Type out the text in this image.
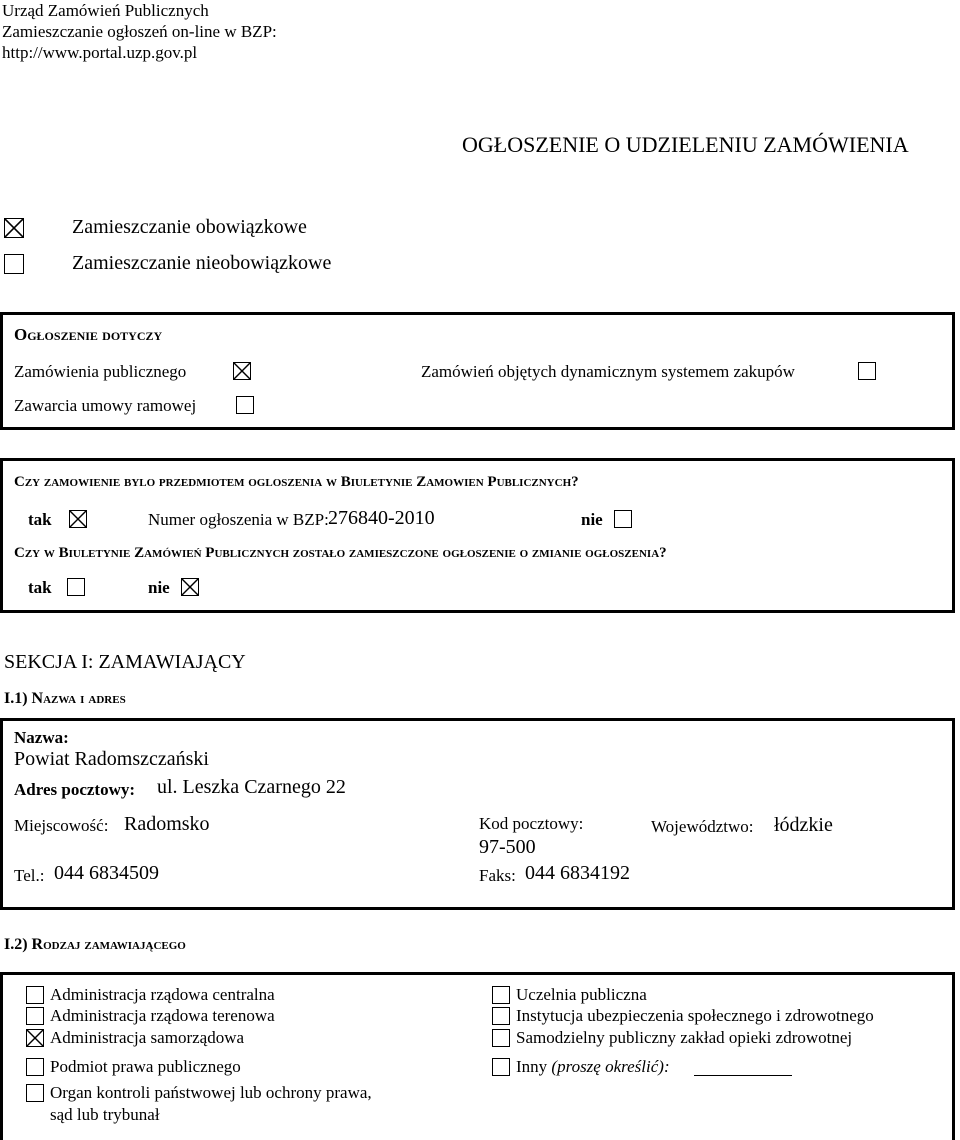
Urząd Zamówień Publicznych
Zamieszczanie ogłoszeń on-line w BZP:
http://www.portal.uzp.gov.pl
OGŁOSZENIE O UDZIELENIU ZAMÓWIENIA
Zamieszczanie obowiązkowe
Zamieszczanie nieobowiązkowe
Ogłoszenie dotyczy
Zamówienia publicznego	Zamówień objętych dynamicznym systemem zakupów
Zawarcia umowy ramowej
Czy zamowienie bylo przedmiotem ogloszenia w Biuletynie Zamowien Publicznych?
tak	Numer ogłoszenia w BZP: 276840-2010	nie
Czy w Biuletynie Zamówień Publicznych zostało zamieszczone ogłoszenie o zmianie ogłoszenia?
tak	nie
SEKCJA I: ZAMAWIAJĄCY
I.1) Nazwa i adres
Nazwa:
Powiat Radomszczański
Adres pocztowy: ul. Leszka Czarnego 22
Miejscowość: Radomsko	Kod pocztowy:
97-500
Województwo: łódzkie
Tel.: 044 6834509	Faks: 044 6834192
I.2) Rodzaj zamawiającego
Administracja rządowa centralna
Administracja rządowa terenowa
Administracja samorządowa
Podmiot prawa publicznego
Organ kontroli państwowej lub ochrony prawa,
sąd lub trybunał
Uczelnia publiczna
Instytucja ubezpieczenia społecznego i zdrowotnego
Samodzielny publiczny zakład opieki zdrowotnej
Inny (proszę określić):
